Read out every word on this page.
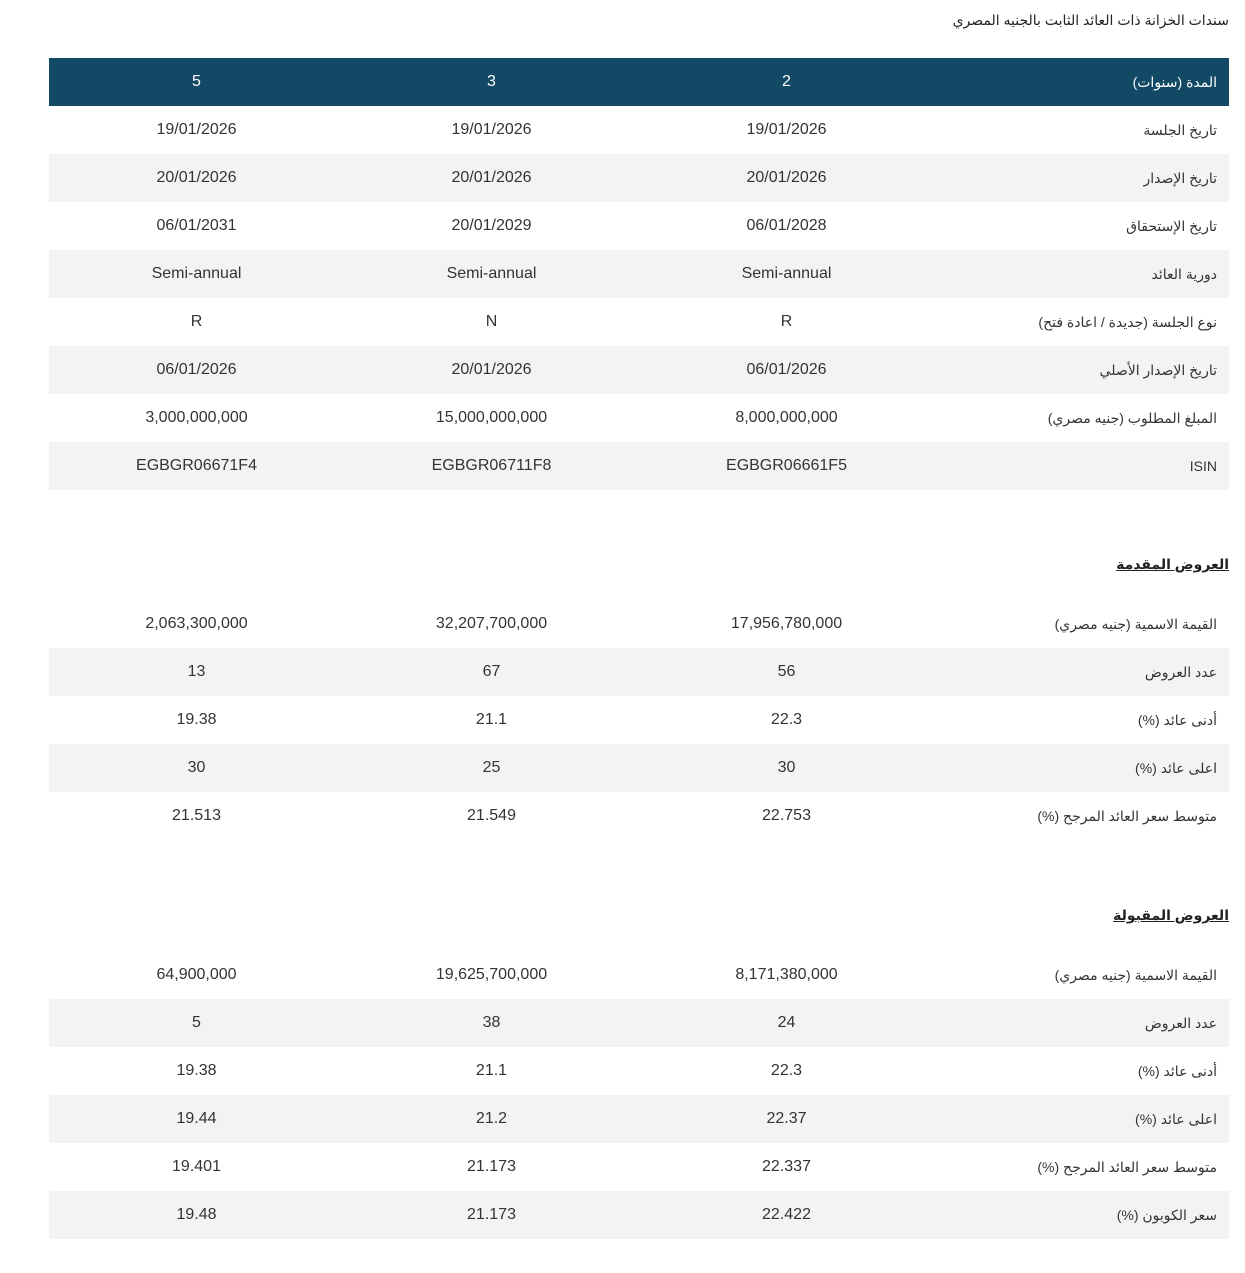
سندات الخزانة ذات العائد الثابت بالجنيه المصري
المدة (سنوات)	2	3	5
تاريخ الجلسة	19/01/2026	19/01/2026	19/01/2026
تاريخ الإصدار	20/01/2026	20/01/2026	20/01/2026
تاريخ الإستحقاق	06/01/2028	20/01/2029	06/01/2031
دورية العائد	Semi-annual	Semi-annual	Semi-annual
نوع الجلسة (جديدة / اعادة فتح)	R	N	R
تاريخ الإصدار الأصلي	06/01/2026	20/01/2026	06/01/2026
المبلغ المطلوب (جنيه مصري)	8,000,000,000	15,000,000,000	3,000,000,000
ISIN	EGBGR06661F5	EGBGR06711F8	EGBGR06671F4
العروض المقدمة
القيمة الاسمية (جنيه مصري)	17,956,780,000	32,207,700,000	2,063,300,000
عدد العروض	56	67	13
أدنى عائد (%)	22.3	21.1	19.38
اعلى عائد (%)	30	25	30
متوسط سعر العائد المرجح (%)	22.753	21.549	21.513
العروض المقبولة
القيمة الاسمية (جنيه مصري)	8,171,380,000	19,625,700,000	64,900,000
عدد العروض	24	38	5
أدنى عائد (%)	22.3	21.1	19.38
اعلى عائد (%)	22.37	21.2	19.44
متوسط سعر العائد المرجح (%)	22.337	21.173	19.401
سعر الكوبون (%)	22.422	21.173	19.48
